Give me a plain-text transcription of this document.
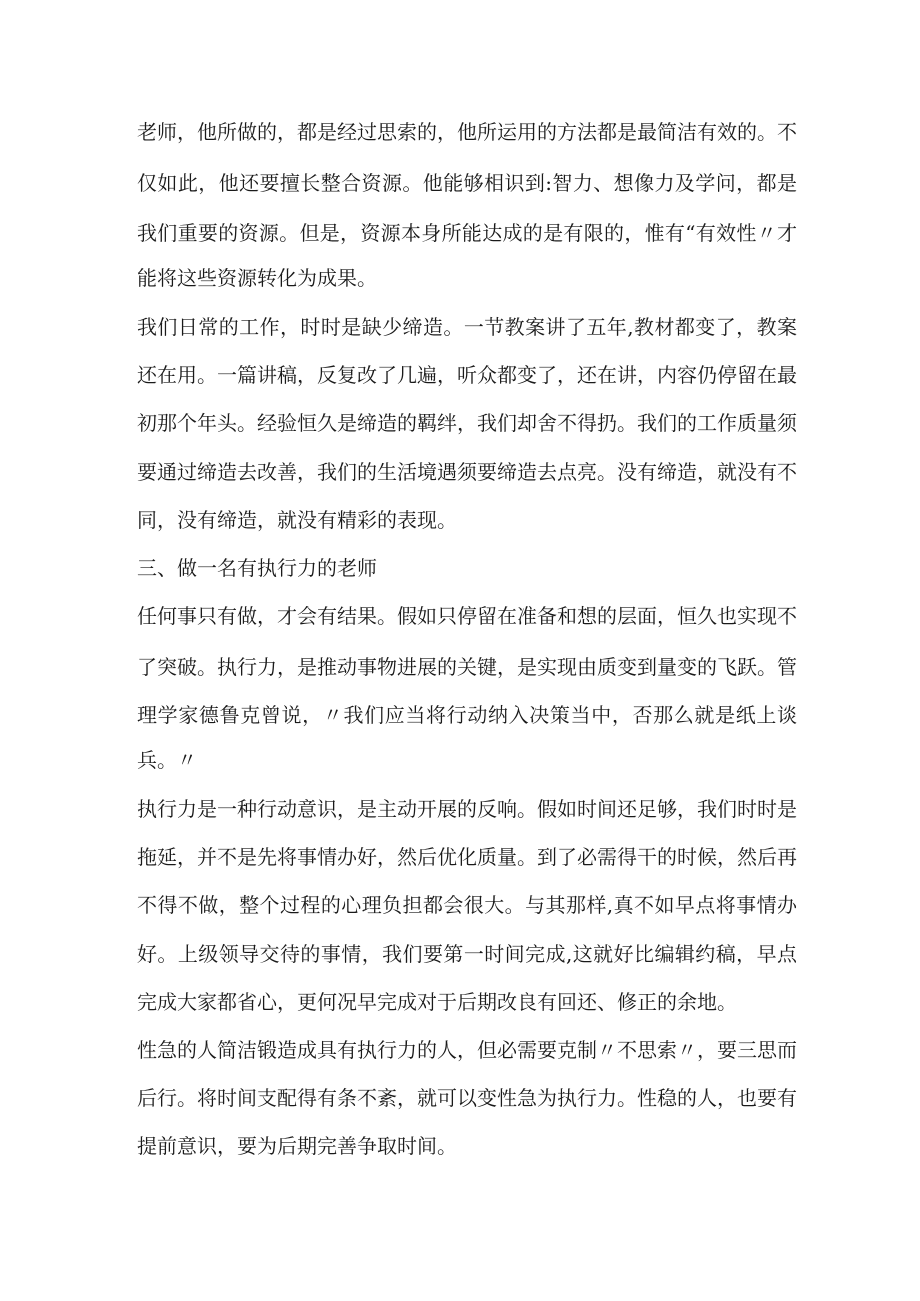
老师，他所做的，都是经过思索的，他所运用的方法都是最简洁有效的。不
仅如此，他还要擅长整合资源。他能够相识到:智力、想像力及学问，都是
我们重要的资源。但是，资源本身所能达成的是有限的，惟有“有效性〃才
能将这些资源转化为成果。
我们日常的工作，时时是缺少缔造。一节教案讲了五年,教材都变了，教案
还在用。一篇讲稿，反复改了几遍，听众都变了，还在讲，内容仍停留在最
初那个年头。经验恒久是缔造的羁绊，我们却舍不得扔。我们的工作质量须
要通过缔造去改善，我们的生活境遇须要缔造去点亮。没有缔造，就没有不
同，没有缔造，就没有精彩的表现。
三、做一名有执行力的老师
任何事只有做，才会有结果。假如只停留在准备和想的层面，恒久也实现不
了突破。执行力，是推动事物进展的关键，是实现由质变到量变的飞跃。管
理学家德鲁克曾说，〃我们应当将行动纳入决策当中，否那么就是纸上谈
兵。〃
执行力是一种行动意识，是主动开展的反响。假如时间还足够，我们时时是
拖延，并不是先将事情办好，然后优化质量。到了必需得干的时候，然后再
不得不做，整个过程的心理负担都会很大。与其那样,真不如早点将事情办
好。上级领导交待的事情，我们要第一时间完成,这就好比编辑约稿，早点
完成大家都省心，更何况早完成对于后期改良有回还、修正的余地。
性急的人简洁锻造成具有执行力的人，但必需要克制〃不思索〃，要三思而
后行。将时间支配得有条不紊，就可以变性急为执行力。性稳的人，也要有
提前意识，要为后期完善争取时间。
